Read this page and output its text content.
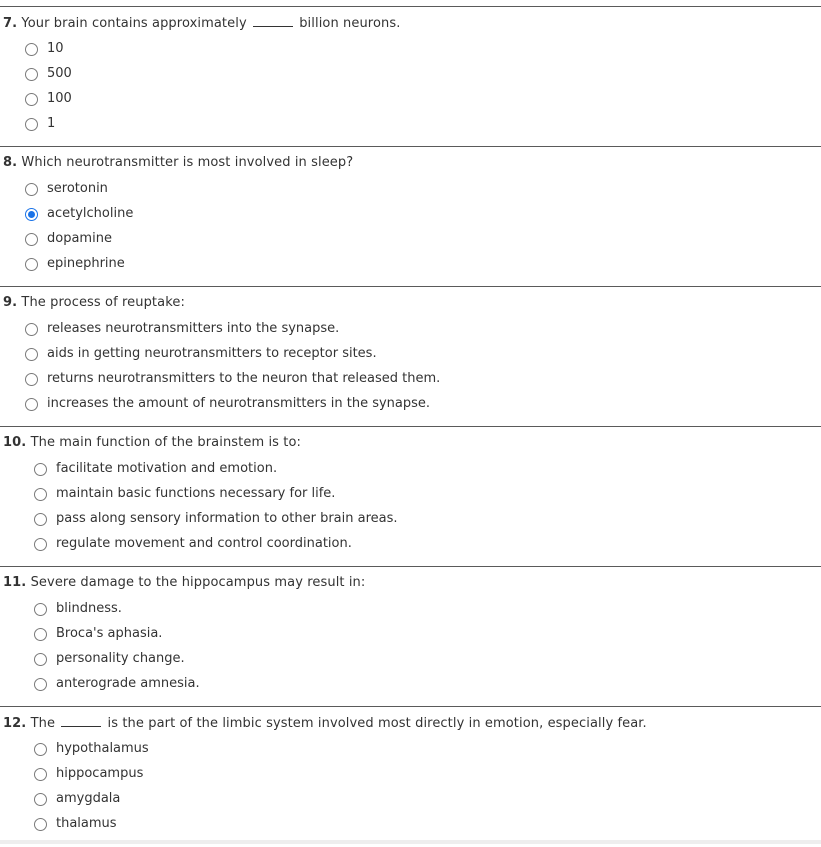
7. Your brain contains approximately	billion neurons.
10
500
100
1
8. Which neurotransmitter is most involved in sleep?
serotonin
acetylcholine
dopamine
epinephrine
9. The process of reuptake:
releases neurotransmitters into the synapse.
aids in getting neurotransmitters to receptor sites.
returns neurotransmitters to the neuron that released them.
increases the amount of neurotransmitters in the synapse.
10. The main function of the brainstem is to:
facilitate motivation and emotion.
maintain basic functions necessary for life.
pass along sensory information to other brain areas.
regulate movement and control coordination.
11. Severe damage to the hippocampus may result in:
blindness.
Broca's aphasia.
personality change.
anterograde amnesia.
12. The	is the part of the limbic system involved most directly in emotion, especially fear.
hypothalamus
hippocampus
amygdala
thalamus
